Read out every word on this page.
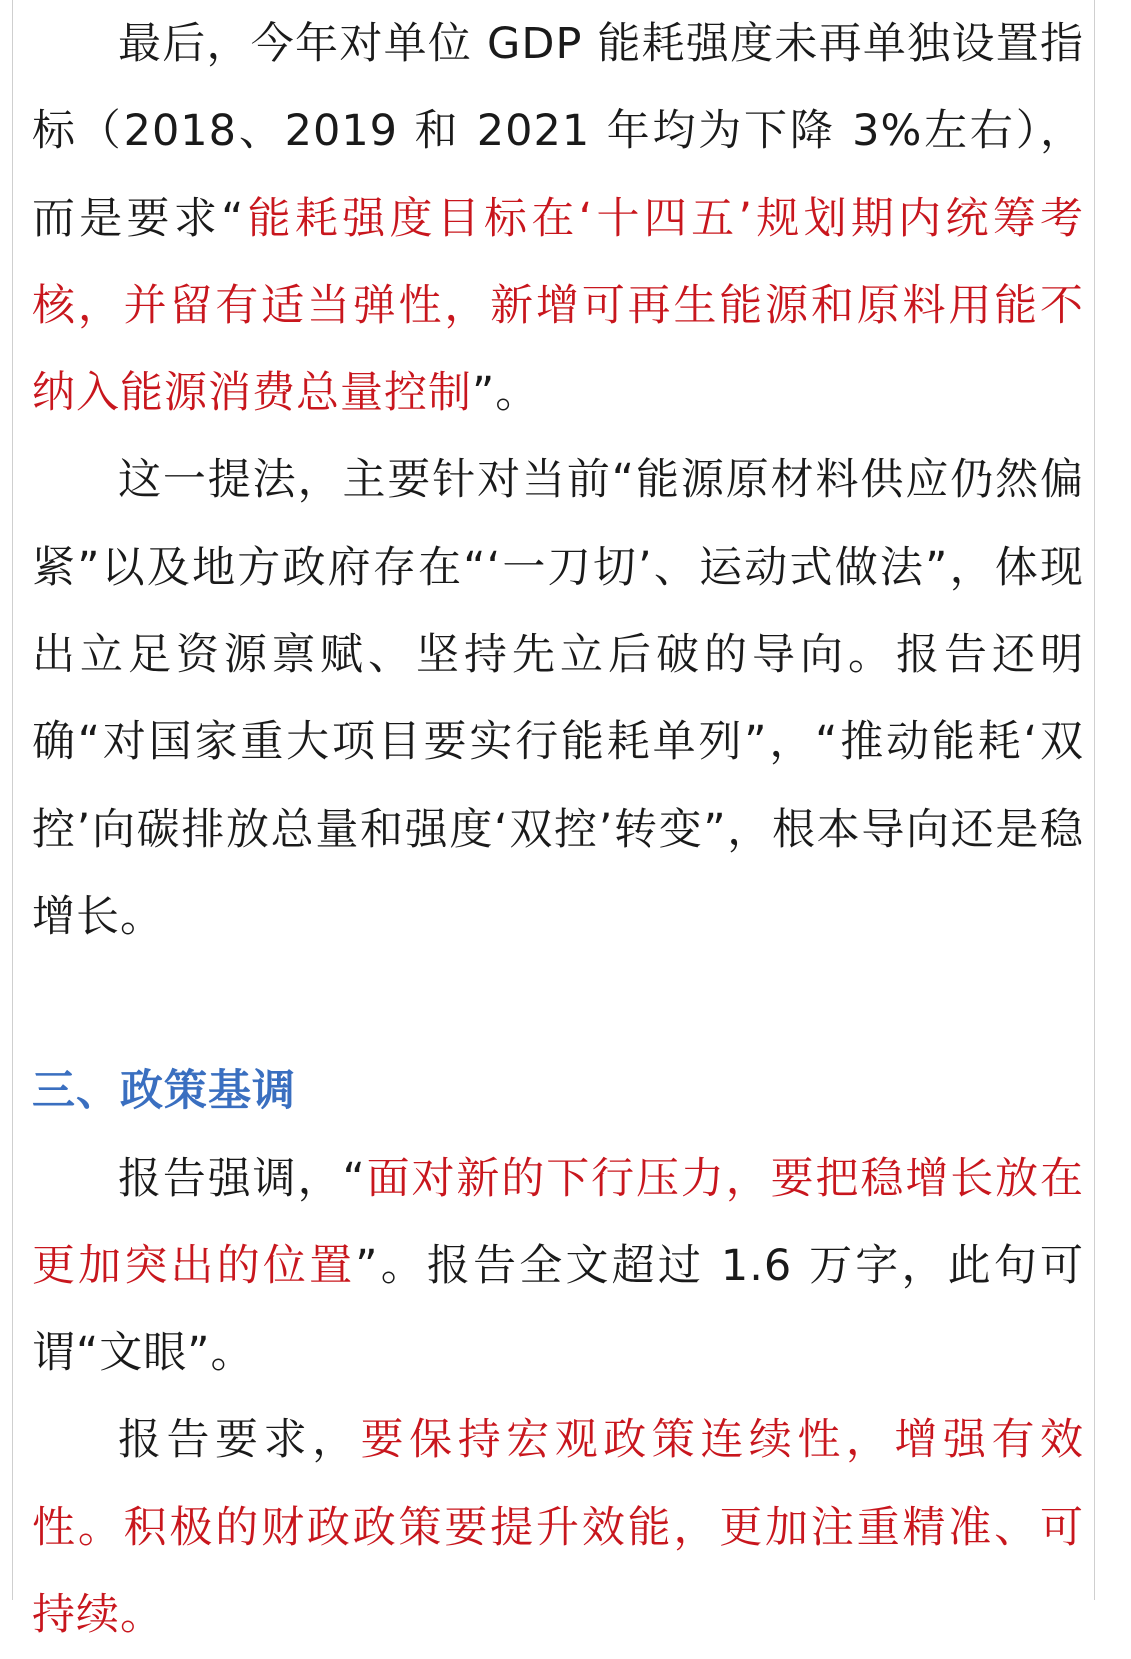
最后，今年对单位 GDP 能耗强度未再单独设置指标（2018、2019 和 2021 年均为下降 3%左右），而是要求“能耗强度目标在‘十四五’规划期内统筹考核，并留有适当弹性，新增可再生能源和原料用能不纳入能源消费总量控制”。

这一提法，主要针对当前“能源原材料供应仍然偏紧”以及地方政府存在“‘一刀切’、运动式做法”，体现出立足资源禀赋、坚持先立后破的导向。报告还明确“对国家重大项目要实行能耗单列”，“推动能耗‘双控’向碳排放总量和强度‘双控’转变”，根本导向还是稳增长。

三、政策基调

报告强调，“面对新的下行压力，要把稳增长放在更加突出的位置”。报告全文超过 1.6 万字，此句可谓“文眼”。

报告要求，要保持宏观政策连续性，增强有效性。积极的财政政策要提升效能，更加注重精准、可持续。
